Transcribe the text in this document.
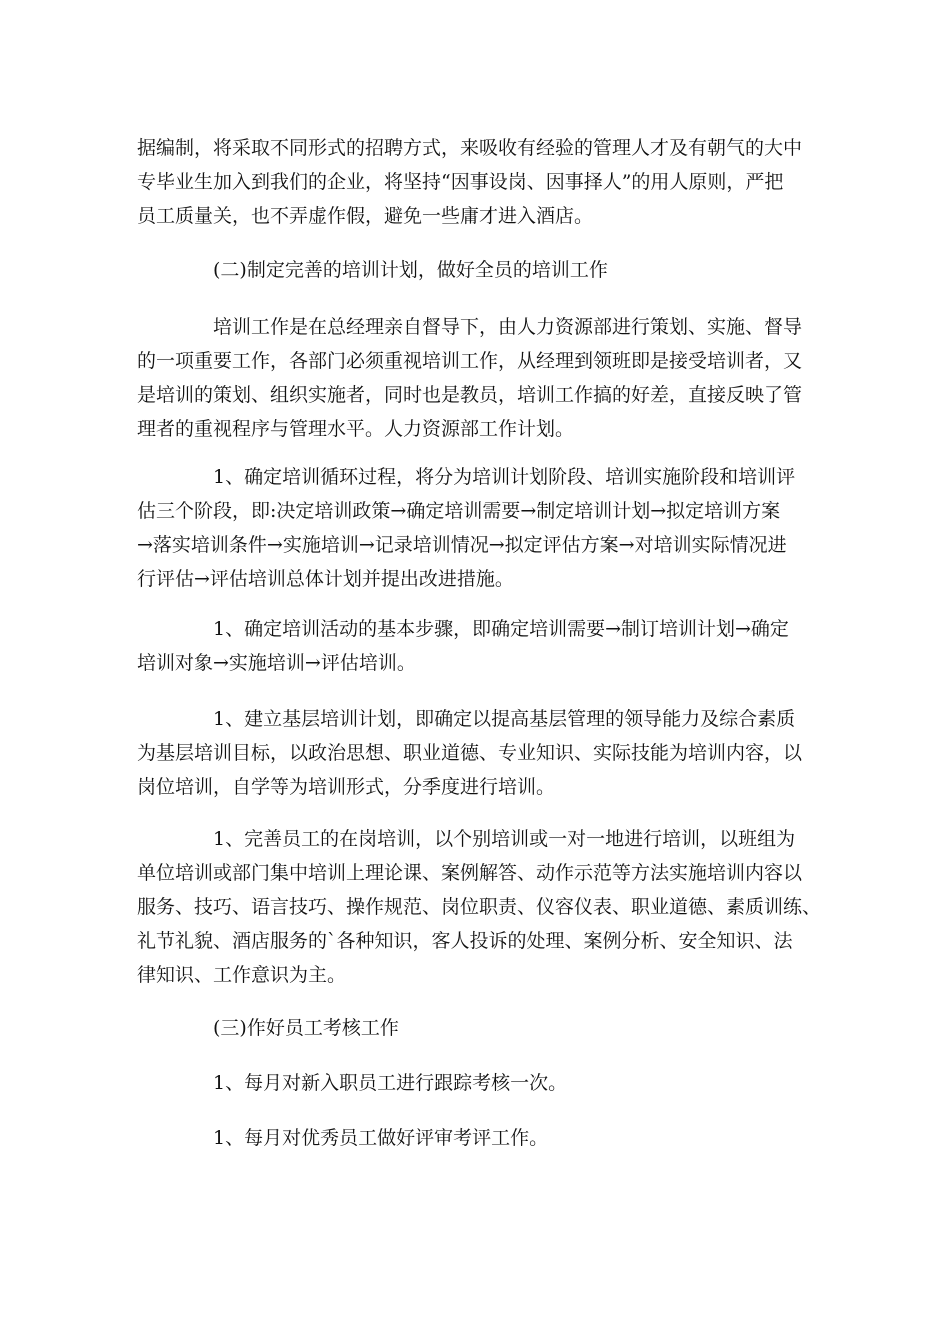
据编制，将采取不同形式的招聘方式，来吸收有经验的管理人才及有朝气的大中
专毕业生加入到我们的企业，将坚持“因事设岗、因事择人”的用人原则，严把
员工质量关，也不弄虚作假，避免一些庸才进入酒店。
(二)制定完善的培训计划，做好全员的培训工作
培训工作是在总经理亲自督导下，由人力资源部进行策划、实施、督导
的一项重要工作，各部门必须重视培训工作，从经理到领班即是接受培训者，又
是培训的策划、组织实施者，同时也是教员，培训工作搞的好差，直接反映了管
理者的重视程序与管理水平。人力资源部工作计划。
1、确定培训循环过程，将分为培训计划阶段、培训实施阶段和培训评
估三个阶段，即:决定培训政策→确定培训需要→制定培训计划→拟定培训方案
→落实培训条件→实施培训→记录培训情况→拟定评估方案→对培训实际情况进
行评估→评估培训总体计划并提出改进措施。
1、确定培训活动的基本步骤，即确定培训需要→制订培训计划→确定
培训对象→实施培训→评估培训。
1、建立基层培训计划，即确定以提高基层管理的领导能力及综合素质
为基层培训目标，以政治思想、职业道德、专业知识、实际技能为培训内容，以
岗位培训，自学等为培训形式，分季度进行培训。
1、完善员工的在岗培训，以个别培训或一对一地进行培训，以班组为
单位培训或部门集中培训上理论课、案例解答、动作示范等方法实施培训内容以
服务、技巧、语言技巧、操作规范、岗位职责、仪容仪表、职业道德、素质训练、
礼节礼貌、酒店服务的`各种知识，客人投诉的处理、案例分析、安全知识、法
律知识、工作意识为主。
(三)作好员工考核工作
1、每月对新入职员工进行跟踪考核一次。
1、每月对优秀员工做好评审考评工作。
